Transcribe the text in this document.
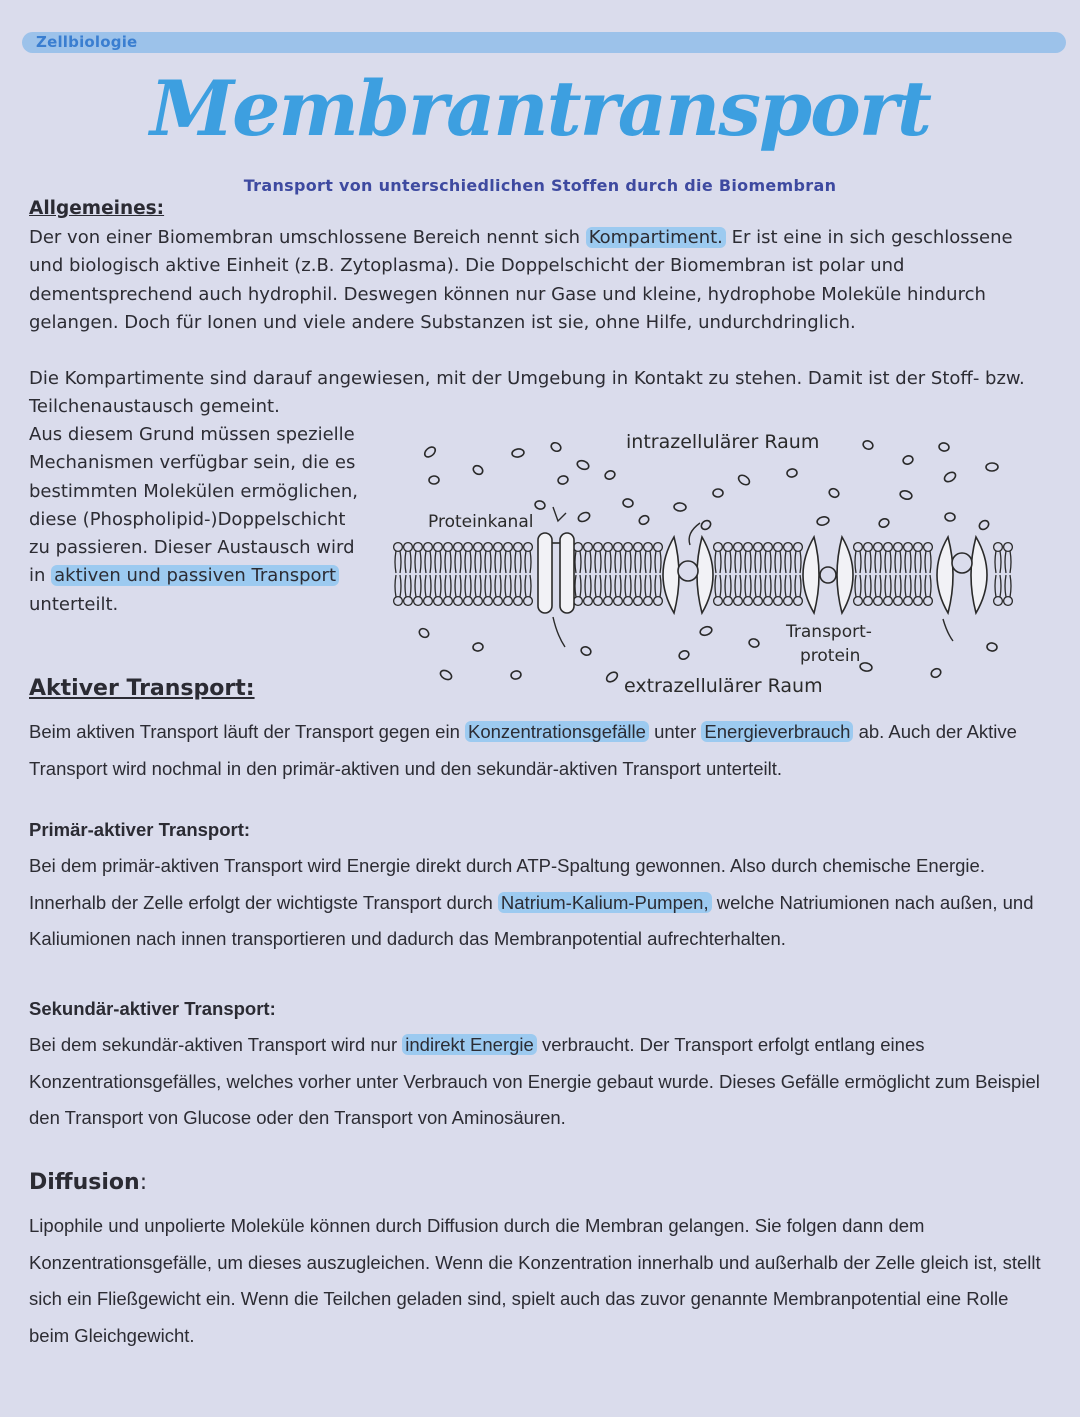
Zellbiologie
Membrantransport
Transport von unterschiedlichen Stoffen durch die Biomembran
Allgemeines:
Der von einer Biomembran umschlossene Bereich nennt sich Kompartiment. Er ist eine in sich geschlossene und biologisch aktive Einheit (z.B. Zytoplasma). Die Doppelschicht der Biomembran ist polar und dementsprechend auch hydrophil. Deswegen können nur Gase und kleine, hydrophobe Moleküle hindurch gelangen. Doch für Ionen und viele andere Substanzen ist sie, ohne Hilfe, undurchdringlich.
Die Kompartimente sind darauf angewiesen, mit der Umgebung in Kontakt zu stehen. Damit ist der Stoff- bzw. Teilchenaustausch gemeint.
Aus diesem Grund müssen spezielle Mechanismen verfügbar sein, die es bestimmten Molekülen ermöglichen, diese (Phospholipid-)Doppelschicht zu passieren. Dieser Austausch wird in aktiven und passiven Transport unterteilt.
intrazellulärer Raum
extrazellulärer Raum
Proteinkanal
Transport-
protein
Aktiver Transport:
Beim aktiven Transport läuft der Transport gegen ein Konzentrationsgefälle unter Energieverbrauch ab. Auch der Aktive Transport wird nochmal in den primär-aktiven und den sekundär-aktiven Transport unterteilt.
Primär-aktiver Transport:
Bei dem primär-aktiven Transport wird Energie direkt durch ATP-Spaltung gewonnen. Also durch chemische Energie. Innerhalb der Zelle erfolgt der wichtigste Transport durch Natrium-Kalium-Pumpen, welche Natriumionen nach außen, und Kaliumionen nach innen transportieren und dadurch das Membranpotential aufrechterhalten.
Sekundär-aktiver Transport:
Bei dem sekundär-aktiven Transport wird nur indirekt Energie verbraucht. Der Transport erfolgt entlang eines Konzentrationsgefälles, welches vorher unter Verbrauch von Energie gebaut wurde. Dieses Gefälle ermöglicht zum Beispiel den Transport von Glucose oder den Transport von Aminosäuren.
Diffusion:
Lipophile und unpolierte Moleküle können durch Diffusion durch die Membran gelangen. Sie folgen dann dem Konzentrationsgefälle, um dieses auszugleichen. Wenn die Konzentration innerhalb und außerhalb der Zelle gleich ist, stellt sich ein Fließgewicht ein. Wenn die Teilchen geladen sind, spielt auch das zuvor genannte Membranpotential eine Rolle beim Gleichgewicht.
